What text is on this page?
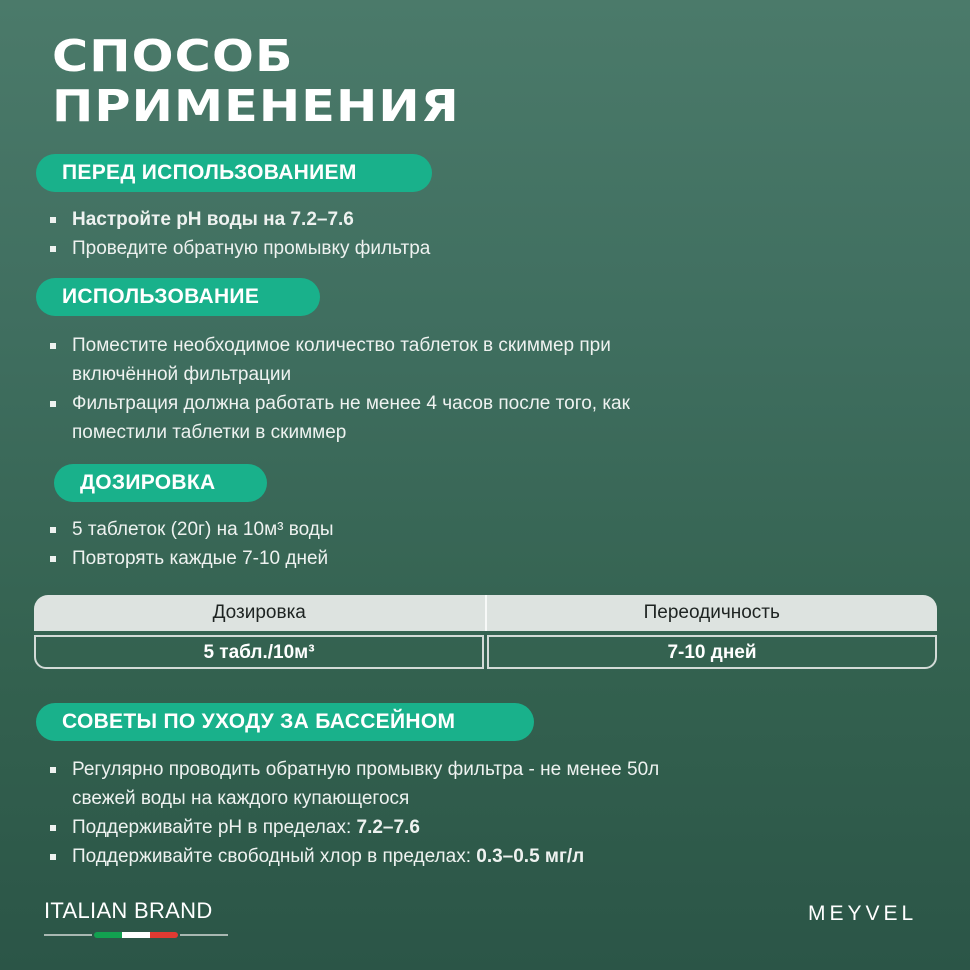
СПОСОБ
ПРИМЕНЕНИЯ
ПЕРЕД ИСПОЛЬЗОВАНИЕМ
Настройте pH воды на 7.2–7.6
Проведите обратную промывку фильтра
ИСПОЛЬЗОВАНИЕ
Поместите необходимое количество таблеток в скиммер при включённой фильтрации
Фильтрация должна работать не менее 4 часов после того, как поместили таблетки в скиммер
ДОЗИРОВКА
5 таблеток (20г) на 10м³ воды
Повторять каждые 7-10 дней
Дозировка	Переодичность
5 табл./10м³	7-10 дней
СОВЕТЫ ПО УХОДУ ЗА БАССЕЙНОМ
Регулярно проводить обратную промывку фильтра - не менее 50л свежей воды на каждого купающегося
Поддерживайте pH в пределах: 7.2–7.6
Поддерживайте свободный хлор в пределах: 0.3–0.5 мг/л
ITALIAN BRAND	MEYVEL
